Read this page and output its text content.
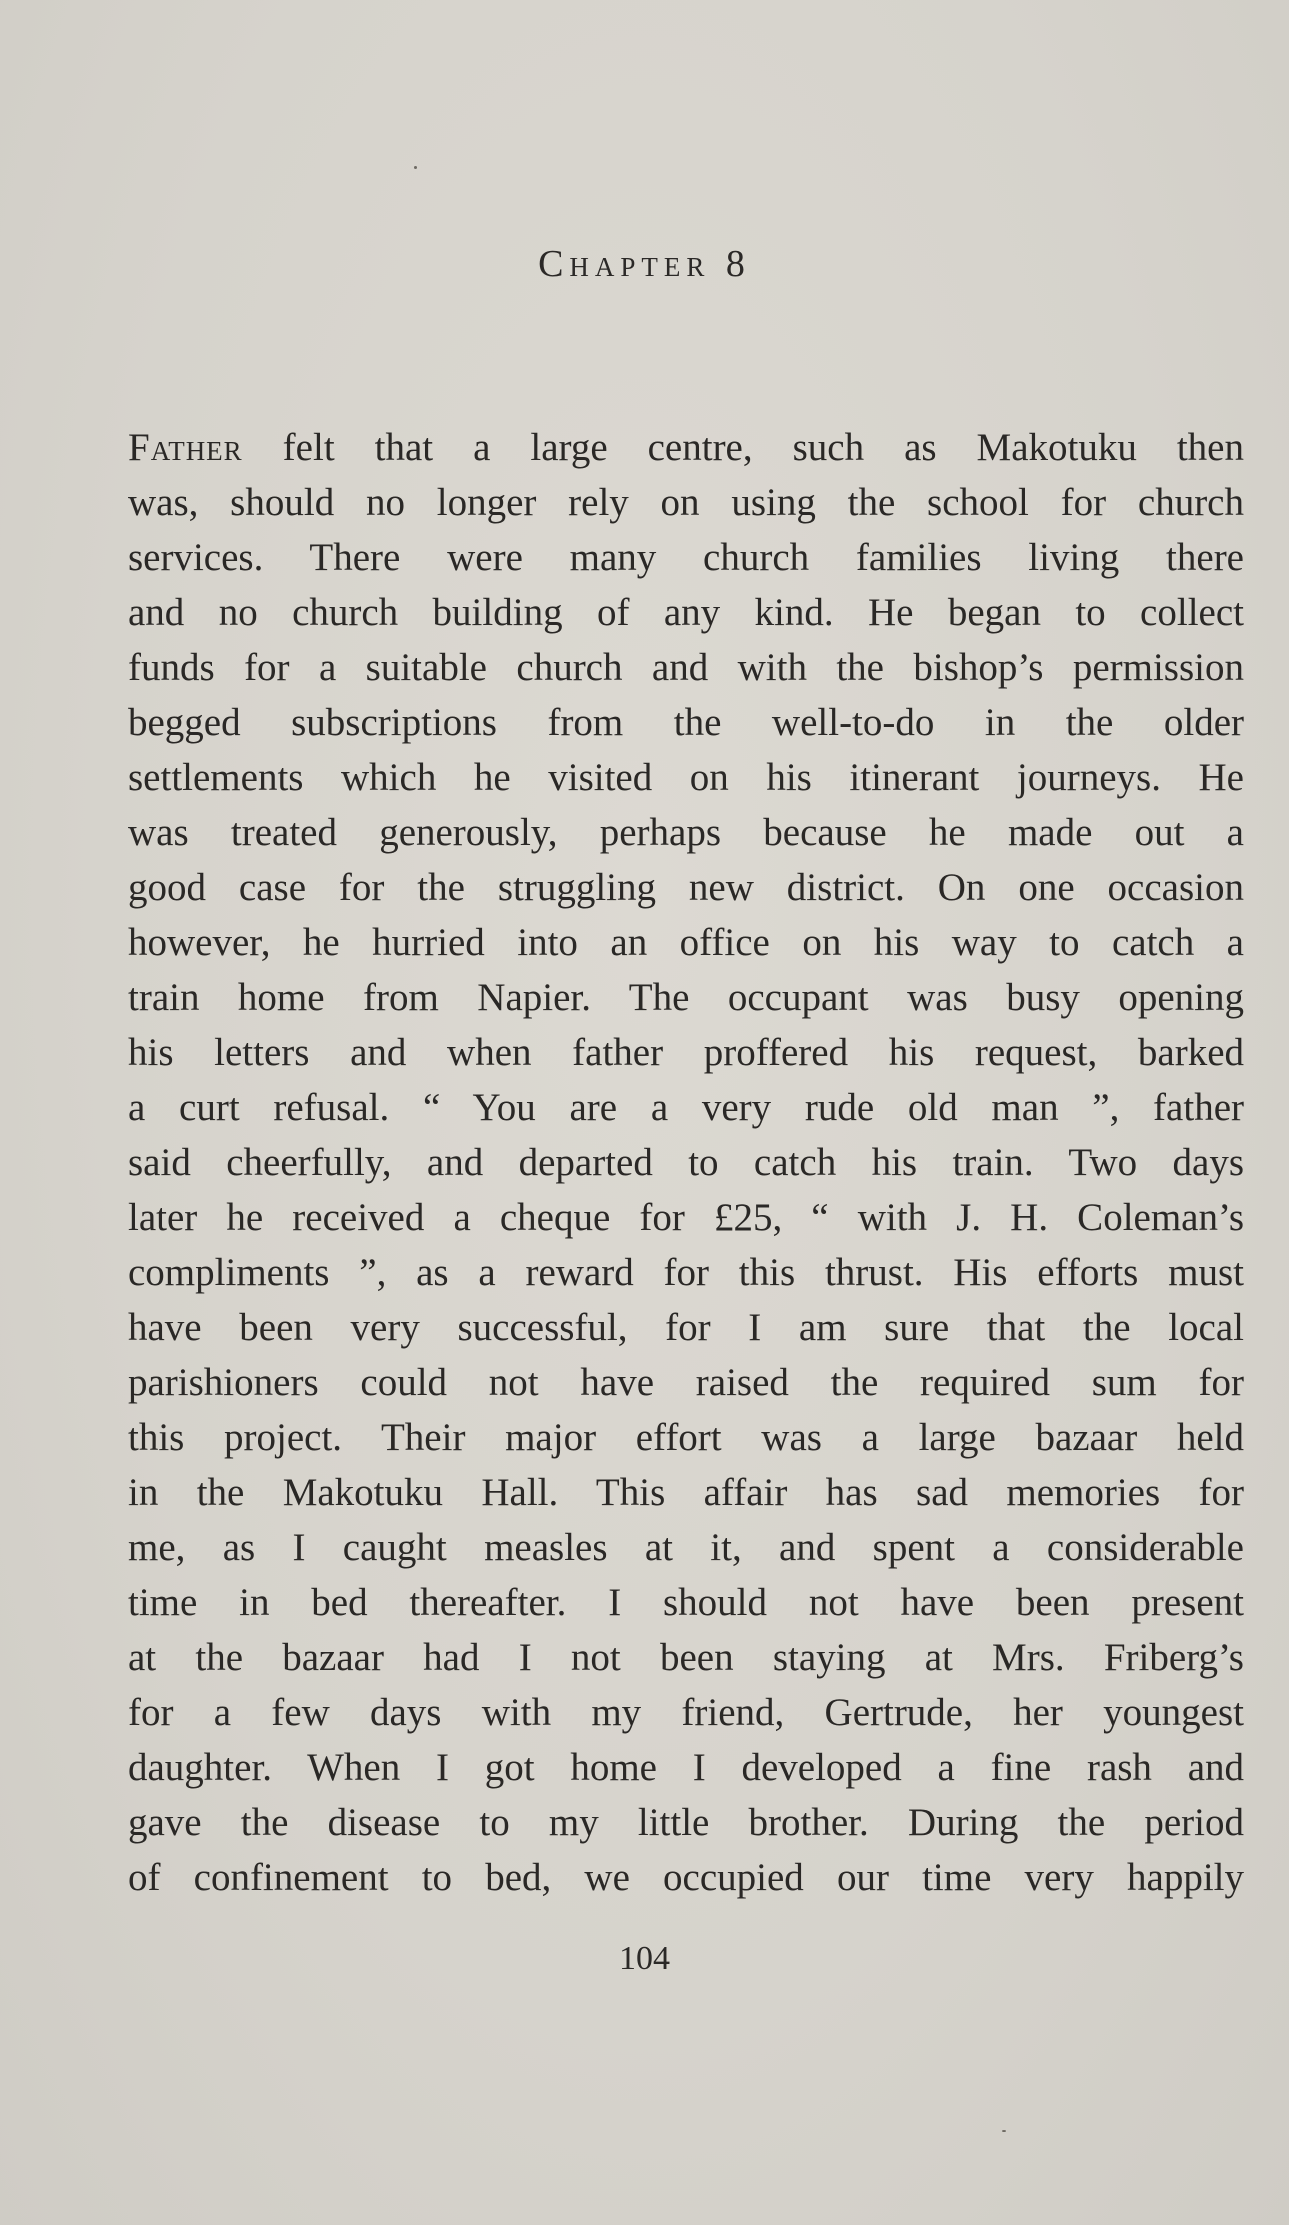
Chapter 8
Father felt that a large centre, such as Makotuku then
was, should no longer rely on using the school for church
services. There were many church families living there
and no church building of any kind. He began to collect
funds for a suitable church and with the bishop’s permission
begged subscriptions from the well-to-do in the older
settlements which he visited on his itinerant journeys. He
was treated generously, perhaps because he made out a
good case for the struggling new district. On one occasion
however, he hurried into an office on his way to catch a
train home from Napier. The occupant was busy opening
his letters and when father proffered his request, barked
a curt refusal. “ You are a very rude old man ”, father
said cheerfully, and departed to catch his train. Two days
later he received a cheque for £25, “ with J. H. Coleman’s
compliments ”, as a reward for this thrust. His efforts must
have been very successful, for I am sure that the local
parishioners could not have raised the required sum for
this project. Their major effort was a large bazaar held
in the Makotuku Hall. This affair has sad memories for
me, as I caught measles at it, and spent a considerable
time in bed thereafter. I should not have been present
at the bazaar had I not been staying at Mrs. Friberg’s
for a few days with my friend, Gertrude, her youngest
daughter. When I got home I developed a fine rash and
gave the disease to my little brother. During the period
of confinement to bed, we occupied our time very happily
104
